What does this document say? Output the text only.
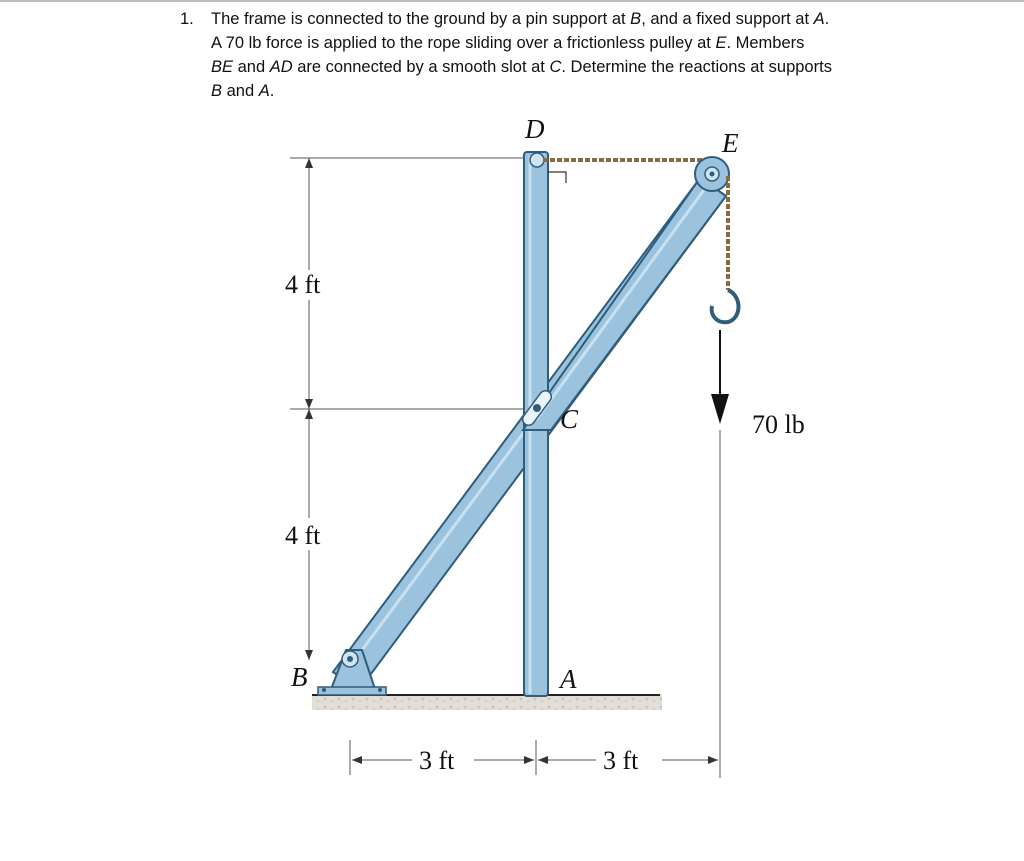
1. The frame is connected to the ground by a pin support at B, and a fixed support at A.
A 70 lb force is applied to the rope sliding over a frictionless pulley at E. Members
BE and AD are connected by a smooth slot at C. Determine the reactions at supports
B and A.
D	E
C
A
B
4 ft
4 ft
3 ft	3 ft
70 lb
